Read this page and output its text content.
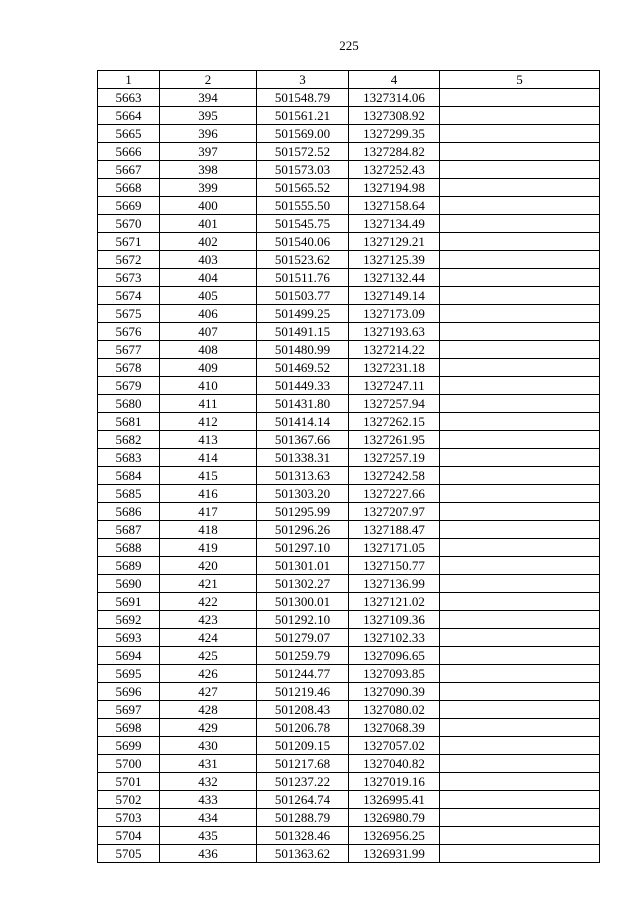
225
1	2	3	4	5
5663	394	501548.79	1327314.06	
5664	395	501561.21	1327308.92	
5665	396	501569.00	1327299.35	
5666	397	501572.52	1327284.82	
5667	398	501573.03	1327252.43	
5668	399	501565.52	1327194.98	
5669	400	501555.50	1327158.64	
5670	401	501545.75	1327134.49	
5671	402	501540.06	1327129.21	
5672	403	501523.62	1327125.39	
5673	404	501511.76	1327132.44	
5674	405	501503.77	1327149.14	
5675	406	501499.25	1327173.09	
5676	407	501491.15	1327193.63	
5677	408	501480.99	1327214.22	
5678	409	501469.52	1327231.18	
5679	410	501449.33	1327247.11	
5680	411	501431.80	1327257.94	
5681	412	501414.14	1327262.15	
5682	413	501367.66	1327261.95	
5683	414	501338.31	1327257.19	
5684	415	501313.63	1327242.58	
5685	416	501303.20	1327227.66	
5686	417	501295.99	1327207.97	
5687	418	501296.26	1327188.47	
5688	419	501297.10	1327171.05	
5689	420	501301.01	1327150.77	
5690	421	501302.27	1327136.99	
5691	422	501300.01	1327121.02	
5692	423	501292.10	1327109.36	
5693	424	501279.07	1327102.33	
5694	425	501259.79	1327096.65	
5695	426	501244.77	1327093.85	
5696	427	501219.46	1327090.39	
5697	428	501208.43	1327080.02	
5698	429	501206.78	1327068.39	
5699	430	501209.15	1327057.02	
5700	431	501217.68	1327040.82	
5701	432	501237.22	1327019.16	
5702	433	501264.74	1326995.41	
5703	434	501288.79	1326980.79	
5704	435	501328.46	1326956.25	
5705	436	501363.62	1326931.99	
